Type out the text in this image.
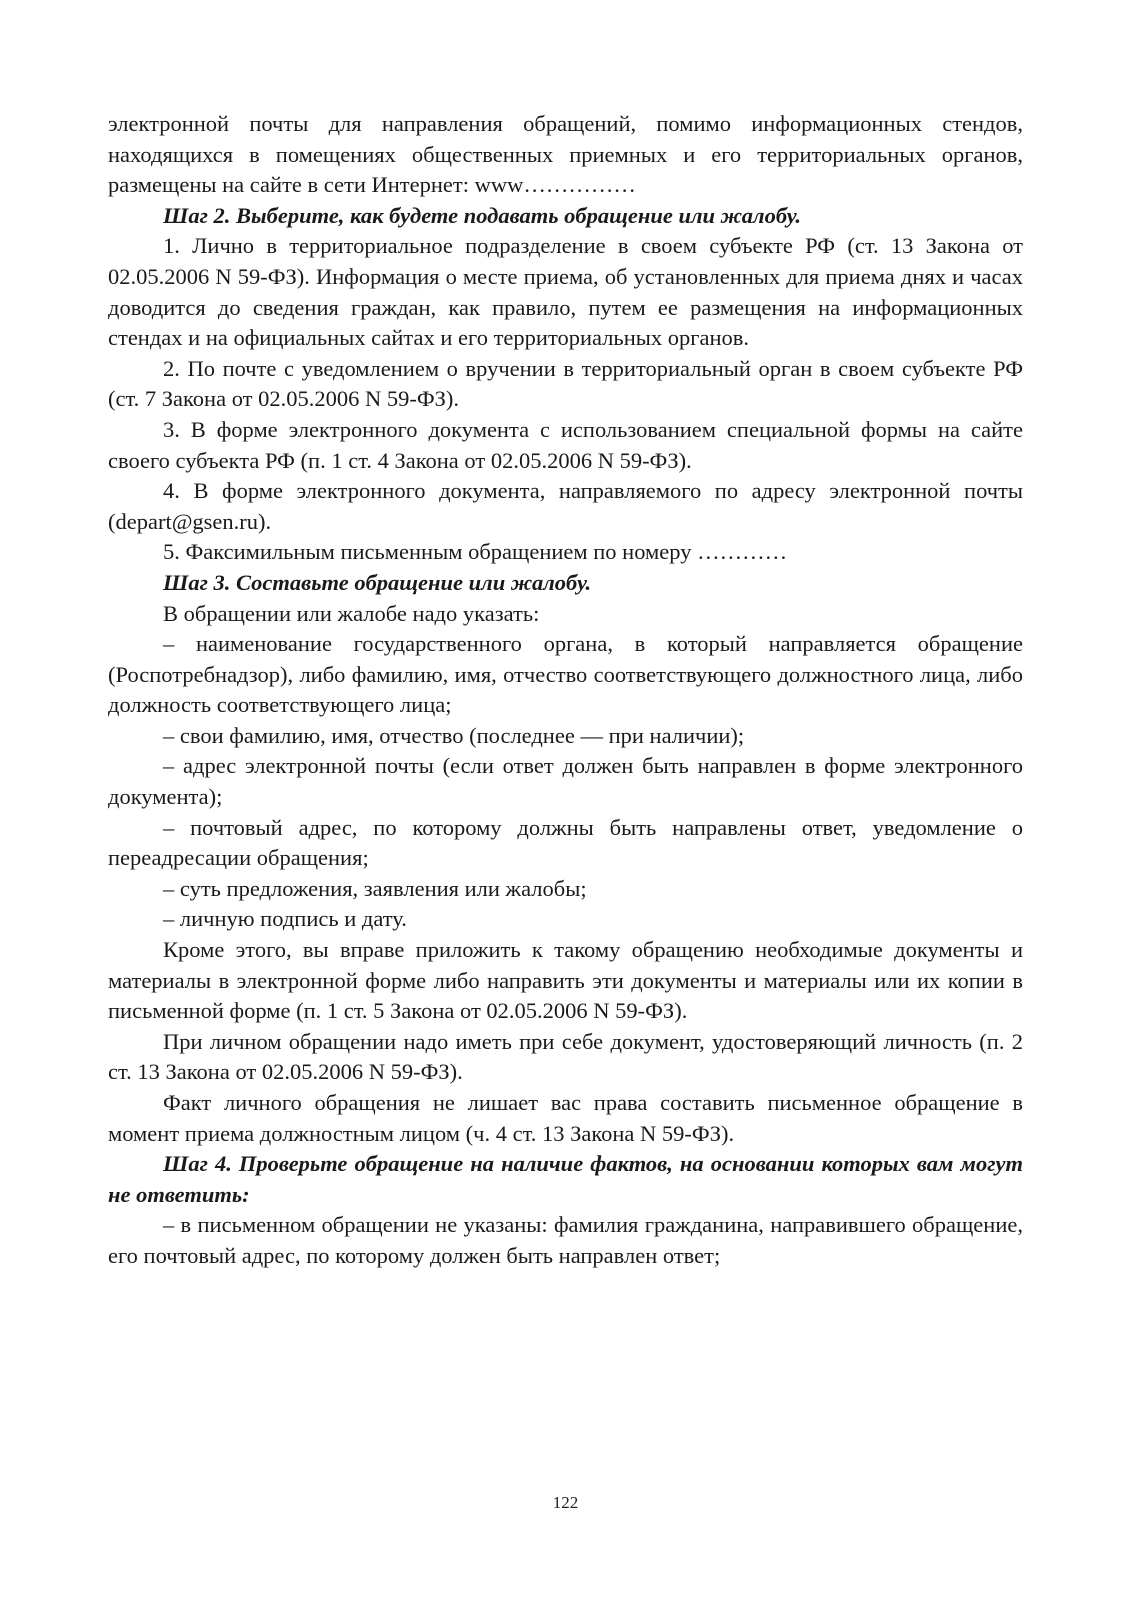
электронной почты для направления обращений, помимо информационных стендов, находящихся в помещениях общественных приемных и его территориальных органов, размещены на сайте в сети Интернет: www……………

Шаг 2. Выберите, как будете подавать обращение или жалобу.

1. Лично в территориальное подразделение в своем субъекте РФ (ст. 13 Закона от 02.05.2006 N 59-ФЗ). Информация о месте приема, об установленных для приема днях и часах доводится до сведения граждан, как правило, путем ее размещения на информационных стендах и на официальных сайтах и его территориальных органов.

2. По почте с уведомлением о вручении в территориальный орган в своем субъекте РФ (ст. 7 Закона от 02.05.2006 N 59-ФЗ).

3. В форме электронного документа с использованием специальной формы на сайте своего субъекта РФ (п. 1 ст. 4 Закона от 02.05.2006 N 59-ФЗ).

4. В форме электронного документа, направляемого по адресу электронной почты (depart@gsen.ru).

5. Факсимильным письменным обращением по номеру …………

Шаг 3. Составьте обращение или жалобу.

В обращении или жалобе надо указать:

– наименование государственного органа, в который направляется обращение (Роспотребнадзор), либо фамилию, имя, отчество соответствующего должностного лица, либо должность соответствующего лица;

– свои фамилию, имя, отчество (последнее — при наличии);

– адрес электронной почты (если ответ должен быть направлен в форме электронного документа);

– почтовый адрес, по которому должны быть направлены ответ, уведомление о переадресации обращения;

– суть предложения, заявления или жалобы;

– личную подпись и дату.

Кроме этого, вы вправе приложить к такому обращению необходимые документы и материалы в электронной форме либо направить эти документы и материалы или их копии в письменной форме (п. 1 ст. 5 Закона от 02.05.2006 N 59-ФЗ).

При личном обращении надо иметь при себе документ, удостоверяющий личность (п. 2 ст. 13 Закона от 02.05.2006 N 59-ФЗ).

Факт личного обращения не лишает вас права составить письменное обращение в момент приема должностным лицом (ч. 4 ст. 13 Закона N 59-ФЗ).

Шаг 4. Проверьте обращение на наличие фактов, на основании которых вам могут не ответить:

– в письменном обращении не указаны: фамилия гражданина, направившего обращение, его почтовый адрес, по которому должен быть направлен ответ;

122
